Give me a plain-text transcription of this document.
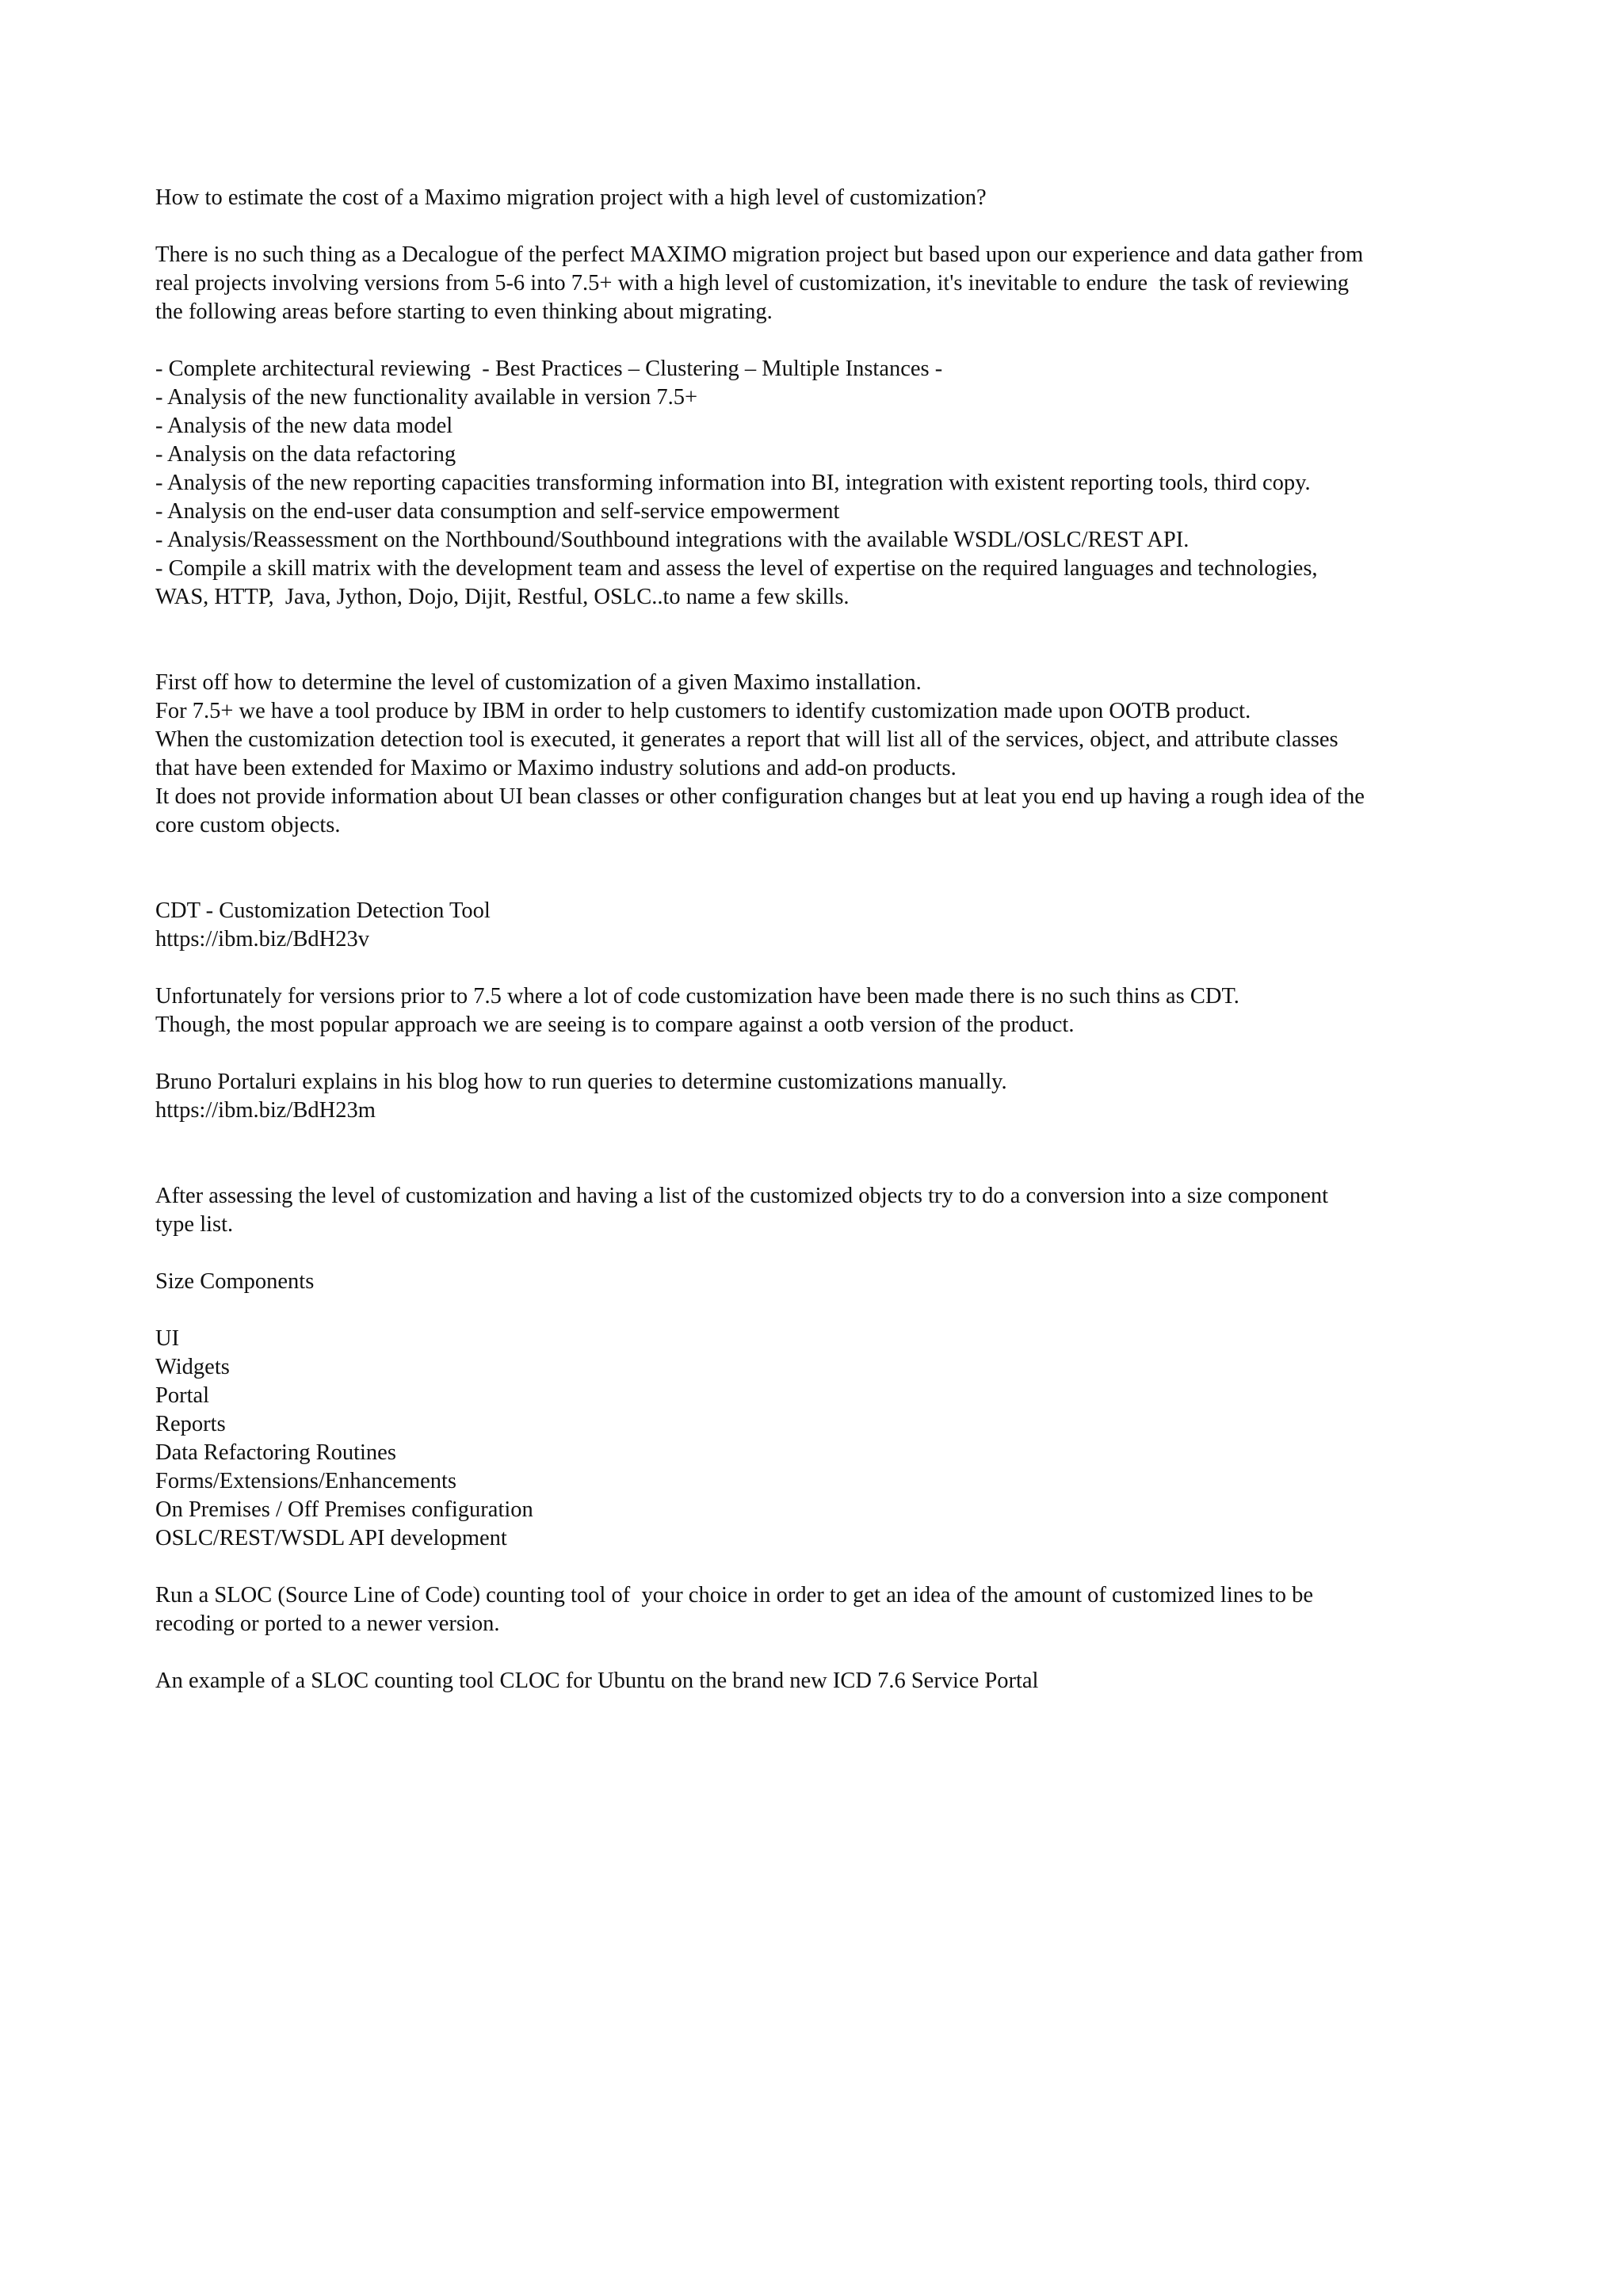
How to estimate the cost of a Maximo migration project with a high level of customization?
There is no such thing as a Decalogue of the perfect MAXIMO migration project but based upon our experience and data gather from
real projects involving versions from 5-6 into 7.5+ with a high level of customization, it's inevitable to endure  the task of reviewing
the following areas before starting to even thinking about migrating.
- Complete architectural reviewing  - Best Practices – Clustering – Multiple Instances -
- Analysis of the new functionality available in version 7.5+
- Analysis of the new data model
- Analysis on the data refactoring
- Analysis of the new reporting capacities transforming information into BI, integration with existent reporting tools, third copy.
- Analysis on the end-user data consumption and self-service empowerment
- Analysis/Reassessment on the Northbound/Southbound integrations with the available WSDL/OSLC/REST API.
- Compile a skill matrix with the development team and assess the level of expertise on the required languages and technologies,
WAS, HTTP,  Java, Jython, Dojo, Dijit, Restful, OSLC..to name a few skills.
First off how to determine the level of customization of a given Maximo installation.
For 7.5+ we have a tool produce by IBM in order to help customers to identify customization made upon OOTB product.
When the customization detection tool is executed, it generates a report that will list all of the services, object, and attribute classes
that have been extended for Maximo or Maximo industry solutions and add-on products.
It does not provide information about UI bean classes or other configuration changes but at leat you end up having a rough idea of the
core custom objects.
CDT - Customization Detection Tool
https://ibm.biz/BdH23v
Unfortunately for versions prior to 7.5 where a lot of code customization have been made there is no such thins as CDT.
Though, the most popular approach we are seeing is to compare against a ootb version of the product.
Bruno Portaluri explains in his blog how to run queries to determine customizations manually.
https://ibm.biz/BdH23m
After assessing the level of customization and having a list of the customized objects try to do a conversion into a size component
type list.
Size Components
UI
Widgets
Portal
Reports
Data Refactoring Routines
Forms/Extensions/Enhancements
On Premises / Off Premises configuration
OSLC/REST/WSDL API development
Run a SLOC (Source Line of Code) counting tool of  your choice in order to get an idea of the amount of customized lines to be
recoding or ported to a newer version.
An example of a SLOC counting tool CLOC for Ubuntu on the brand new ICD 7.6 Service Portal
